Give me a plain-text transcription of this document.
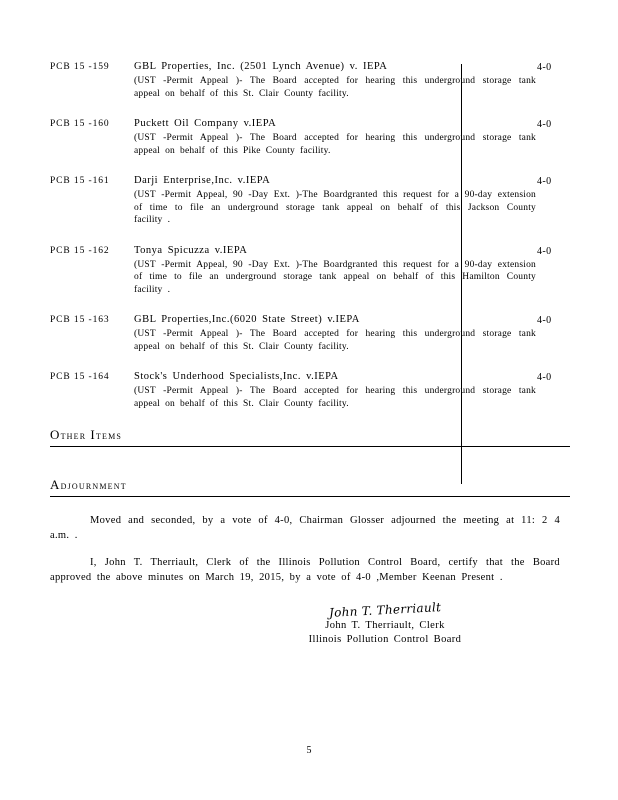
PCB 15 -159	GBL Properties, Inc. (2501 Lynch Avenue) v. IEPA
(UST -Permit Appeal )- The Board accepted for hearing this underground storage tank appeal on behalf of this St. Clair County facility.
4-0
PCB 15 -160	Puckett Oil Company v.IEPA
(UST -Permit Appeal )- The Board accepted for hearing this underground storage tank appeal on behalf of this Pike County facility.
4-0
PCB 15 -161	Darji Enterprise,Inc. v.IEPA
(UST -Permit Appeal, 90 -Day Ext. )-The Boardgranted this request for a 90-day extension of time to file an underground storage tank appeal on behalf of this Jackson County facility .
4-0
PCB 15 -162	Tonya Spicuzza v.IEPA
(UST -Permit Appeal, 90 -Day Ext. )-The Boardgranted this request for a 90-day extension of time to file an underground storage tank appeal on behalf of this Hamilton County facility .
4-0
PCB 15 -163	GBL Properties,Inc.(6020 State Street) v.IEPA
(UST -Permit Appeal )- The Board accepted for hearing this underground storage tank appeal on behalf of this St. Clair County facility.
4-0
PCB 15 -164	Stock's Underhood Specialists,Inc. v.IEPA
(UST -Permit Appeal )- The Board accepted for hearing this underground storage tank appeal on behalf of this St. Clair County facility.
4-0
Other Items
Adjournment

Moved and seconded, by a vote of 4-0, Chairman Glosser adjourned the meeting at 11: 2 4 a.m. .

I, John T. Therriault, Clerk of the Illinois Pollution Control Board, certify that the Board approved the above minutes on March 19, 2015, by a vote of 4-0 ,Member Keenan Present .

John T. Therriault
John T. Therriault, Clerk
Illinois Pollution Control Board
5
